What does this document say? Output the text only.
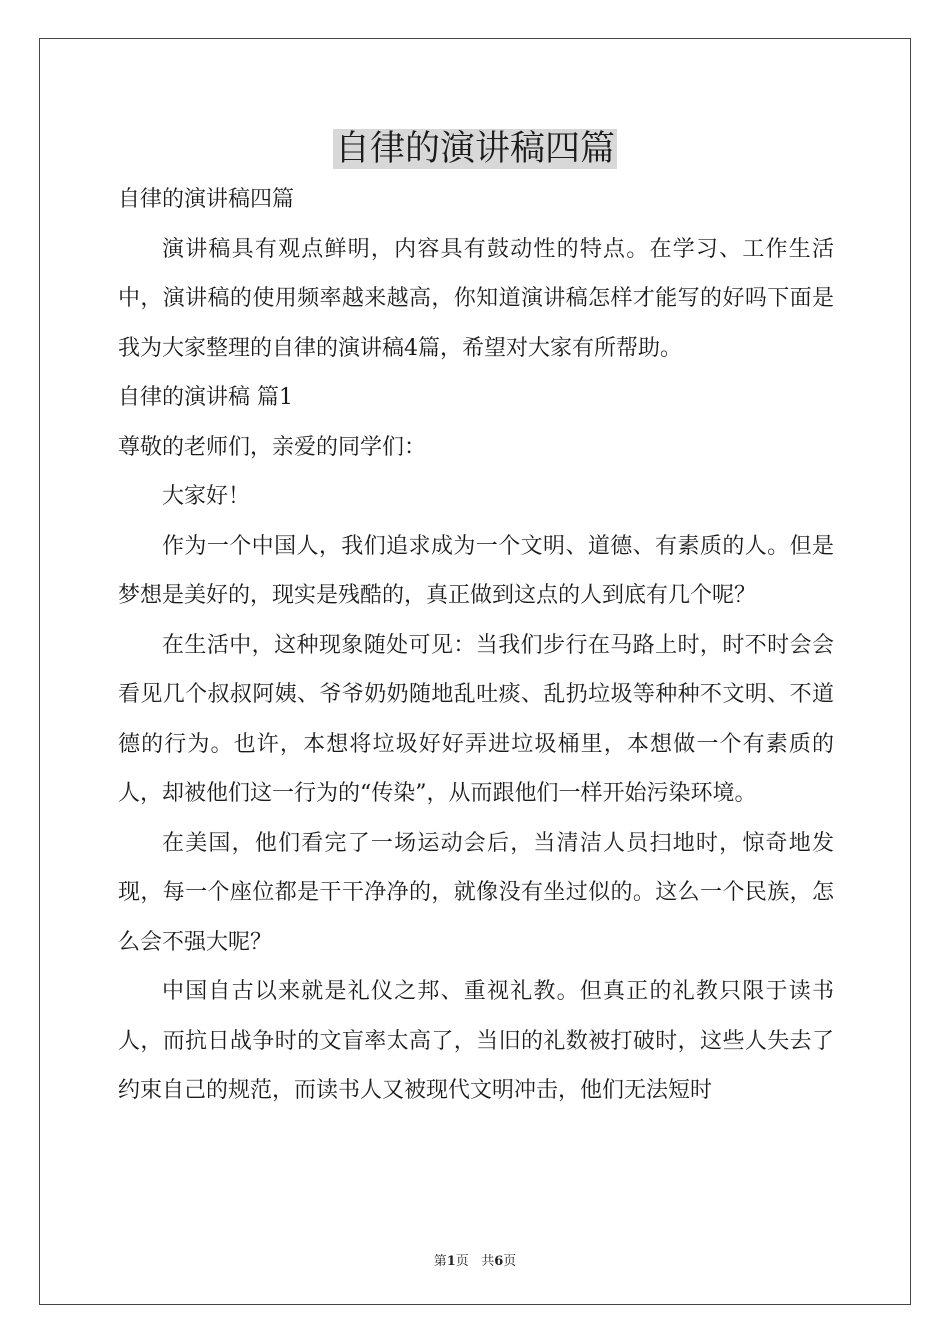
自律的演讲稿四篇

自律的演讲稿四篇

演讲稿具有观点鲜明，内容具有鼓动性的特点。在学习、工作生活中，演讲稿的使用频率越来越高，你知道演讲稿怎样才能写的好吗下面是我为大家整理的自律的演讲稿4篇，希望对大家有所帮助。

自律的演讲稿 篇1

尊敬的老师们，亲爱的同学们：

大家好！

作为一个中国人，我们追求成为一个文明、道德、有素质的人。但是梦想是美好的，现实是残酷的，真正做到这点的人到底有几个呢？

在生活中，这种现象随处可见：当我们步行在马路上时，时不时会会看见几个叔叔阿姨、爷爷奶奶随地乱吐痰、乱扔垃圾等种种不文明、不道德的行为。也许，本想将垃圾好好弄进垃圾桶里，本想做一个有素质的人，却被他们这一行为的“传染”，从而跟他们一样开始污染环境。

在美国，他们看完了一场运动会后，当清洁人员扫地时，惊奇地发现，每一个座位都是干干净净的，就像没有坐过似的。这么一个民族，怎么会不强大呢？

中国自古以来就是礼仪之邦、重视礼教。但真正的礼教只限于读书人，而抗日战争时的文盲率太高了，当旧的礼数被打破时，这些人失去了约束自己的规范，而读书人又被现代文明冲击，他们无法短时

第1页 共6页
